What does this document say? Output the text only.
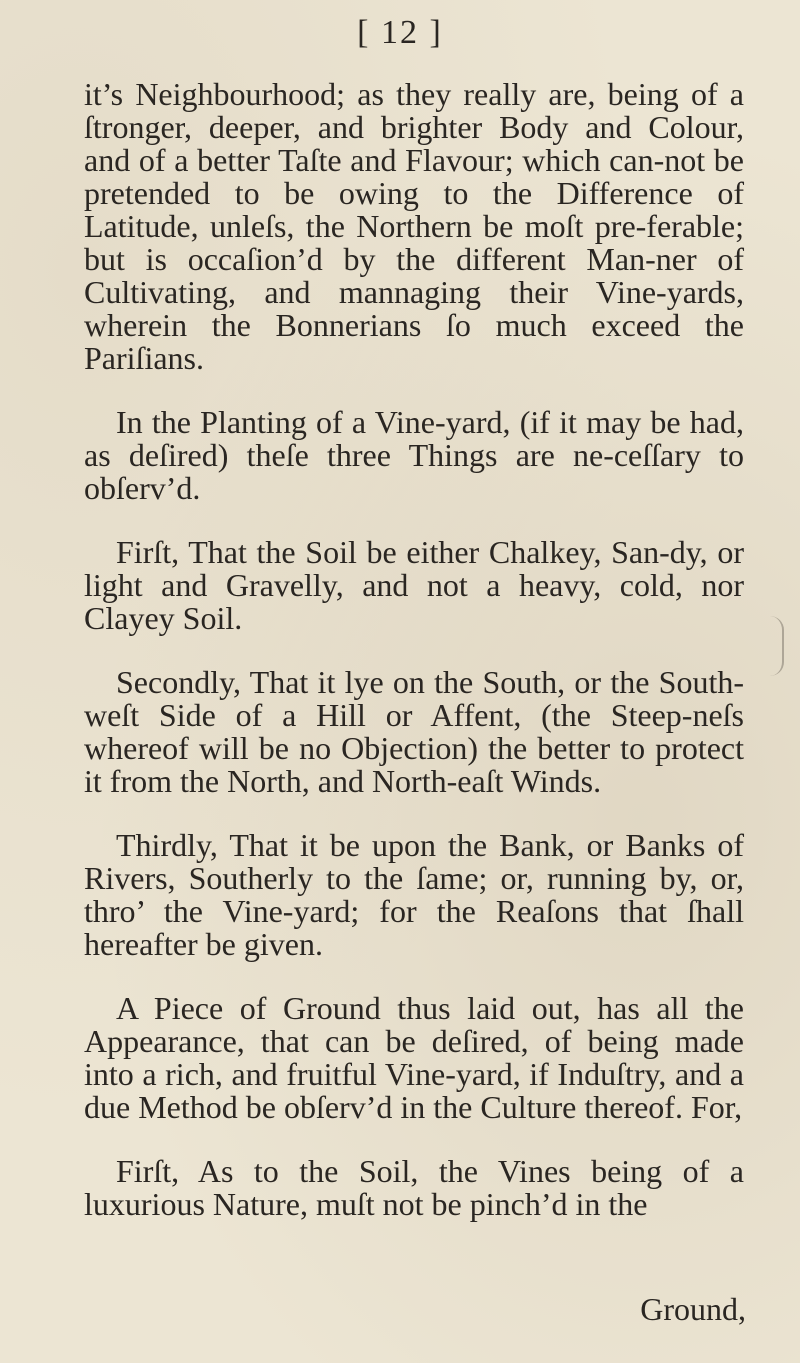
[ 12 ]

it’s Neighbourhood; as they really are, being of a ſtronger, deeper, and brighter Body and Colour, and of a better Taſte and Flavour; which can-not be pretended to be owing to the Difference of Latitude, unleſs, the Northern be moſt pre-ferable; but is occaſion’d by the different Man-ner of Cultivating, and mannaging their Vine-yards, wherein the Bonnerians ſo much exceed the Pariſians.

In the Planting of a Vine-yard, (if it may be had, as deſired) theſe three Things are ne-ceſſary to obſerv’d.

Firſt, That the Soil be either Chalkey, San-dy, or light and Gravelly, and not a heavy, cold, nor Clayey Soil.

Secondly, That it lye on the South, or the South-weſt Side of a Hill or Affent, (the Steep-neſs whereof will be no Objection) the better to protect it from the North, and North-eaſt Winds.

Thirdly, That it be upon the Bank, or Banks of Rivers, Southerly to the ſame; or, running by, or, thro’ the Vine-yard; for the Reaſons that ſhall hereafter be given.

A Piece of Ground thus laid out, has all the Appearance, that can be deſired, of being made into a rich, and fruitful Vine-yard, if Induſtry, and a due Method be obſerv’d in the Culture thereof. For,

Firſt, As to the Soil, the Vines being of a luxurious Nature, muſt not be pinch’d in the

Ground,
